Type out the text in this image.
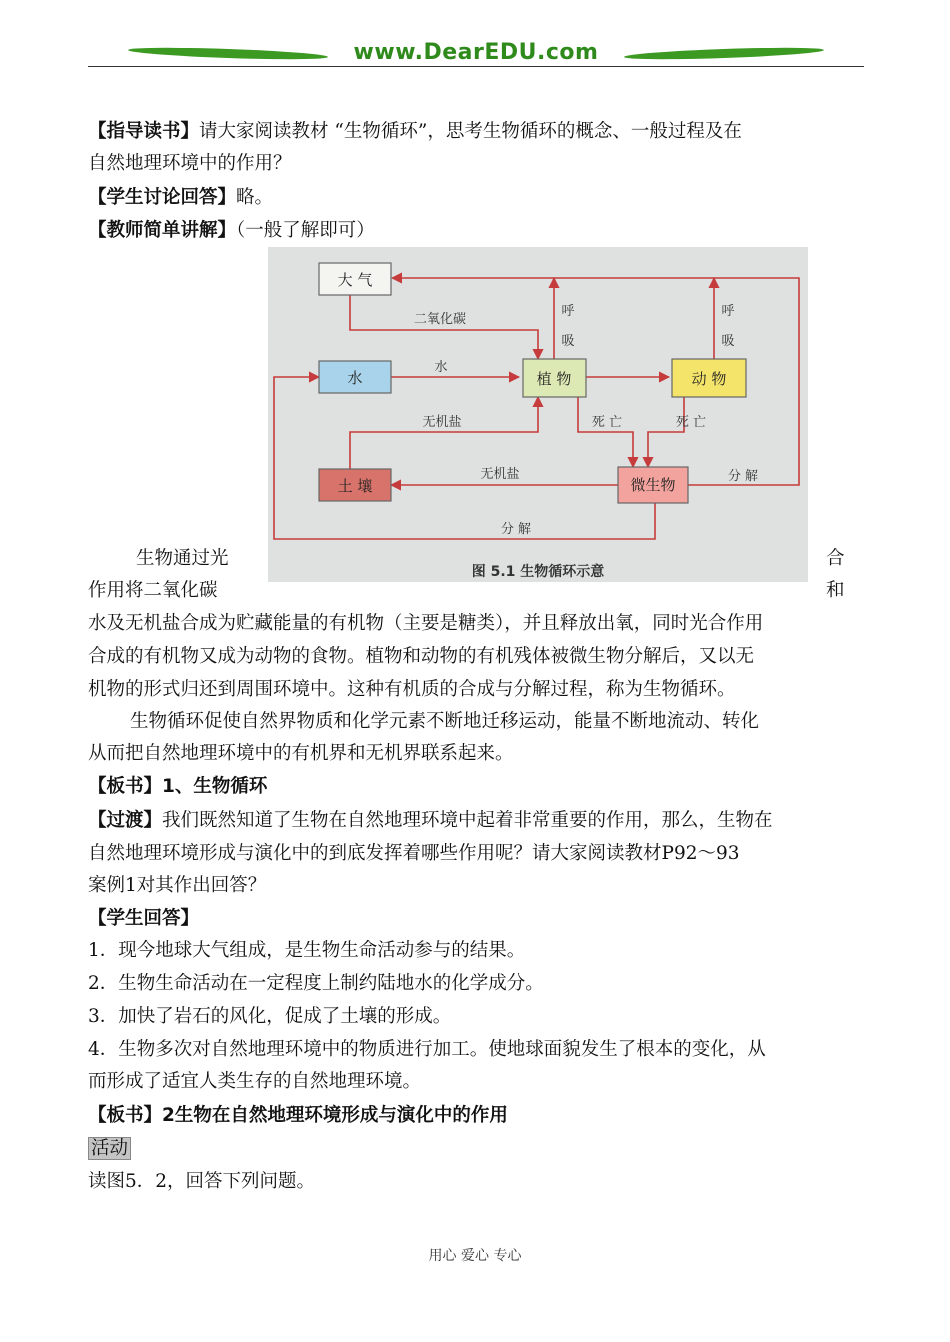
www.DearEDU.com
【指导读书】请大家阅读教材 “生物循环”，思考生物循环的概念、一般过程及在
自然地理环境中的作用？
【学生讨论回答】略。
【教师简单讲解】（一般了解即可）
大 气
水	植 物	动 物
土 壤	微生物
二氧化碳
水
无机盐
无机盐
呼
吸
呼
吸
死 亡	死 亡
分 解
分 解
图 5.1 生物循环示意
生物通过光	合
作用将二氧化碳	和
水及无机盐合成为贮藏能量的有机物（主要是糖类），并且释放出氧，同时光合作用
合成的有机物又成为动物的食物。植物和动物的有机残体被微生物分解后，又以无
机物的形式归还到周围环境中。这种有机质的合成与分解过程，称为生物循环。
生物循环促使自然界物质和化学元素不断地迁移运动，能量不断地流动、转化
从而把自然地理环境中的有机界和无机界联系起来。
【板书】1、生物循环
【过渡】我们既然知道了生物在自然地理环境中起着非常重要的作用，那么，生物在
自然地理环境形成与演化中的到底发挥着哪些作用呢？请大家阅读教材P92～93
案例1对其作出回答？
【学生回答】
1．现今地球大气组成，是生物生命活动参与的结果。
2．生物生命活动在一定程度上制约陆地水的化学成分。
3．加快了岩石的风化，促成了土壤的形成。
4．生物多次对自然地理环境中的物质进行加工。使地球面貌发生了根本的变化，从
而形成了适宜人类生存的自然地理环境。
【板书】2生物在自然地理环境形成与演化中的作用
活动
读图5．2，回答下列问题。
用心 爱心 专心
